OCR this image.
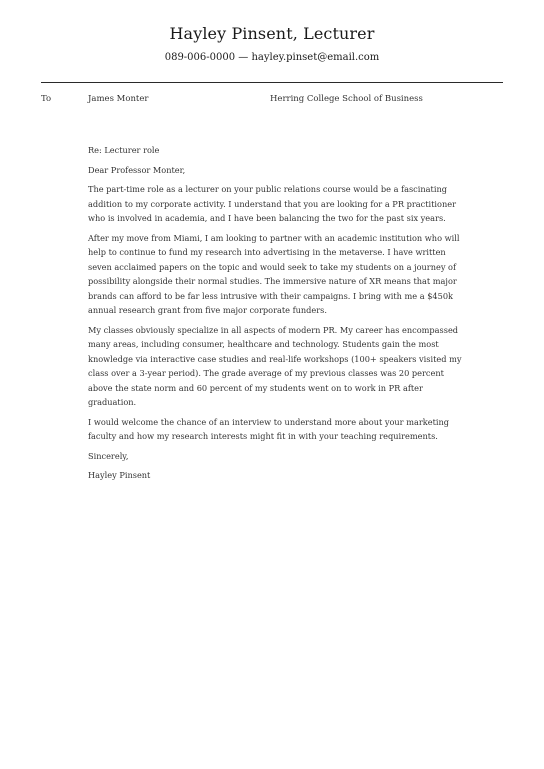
Hayley Pinsent, Lecturer
089-006-0000 — hayley.pinset@email.com
To	James Monter	Herring College School of Business

Re: Lecturer role

Dear Professor Monter,

The part-time role as a lecturer on your public relations course would be a fascinating addition to my corporate activity. I understand that you are looking for a PR practitioner who is involved in academia, and I have been balancing the two for the past six years.

After my move from Miami, I am looking to partner with an academic institution who will help to continue to fund my research into advertising in the metaverse. I have written seven acclaimed papers on the topic and would seek to take my students on a journey of possibility alongside their normal studies. The immersive nature of XR means that major brands can afford to be far less intrusive with their campaigns. I bring with me a $450k annual research grant from five major corporate funders.

My classes obviously specialize in all aspects of modern PR. My career has encompassed many areas, including consumer, healthcare and technology. Students gain the most knowledge via interactive case studies and real-life workshops (100+ speakers visited my class over a 3-year period). The grade average of my previous classes was 20 percent above the state norm and 60 percent of my students went on to work in PR after graduation.

I would welcome the chance of an interview to understand more about your marketing faculty and how my research interests might fit in with your teaching requirements.

Sincerely,

Hayley Pinsent
